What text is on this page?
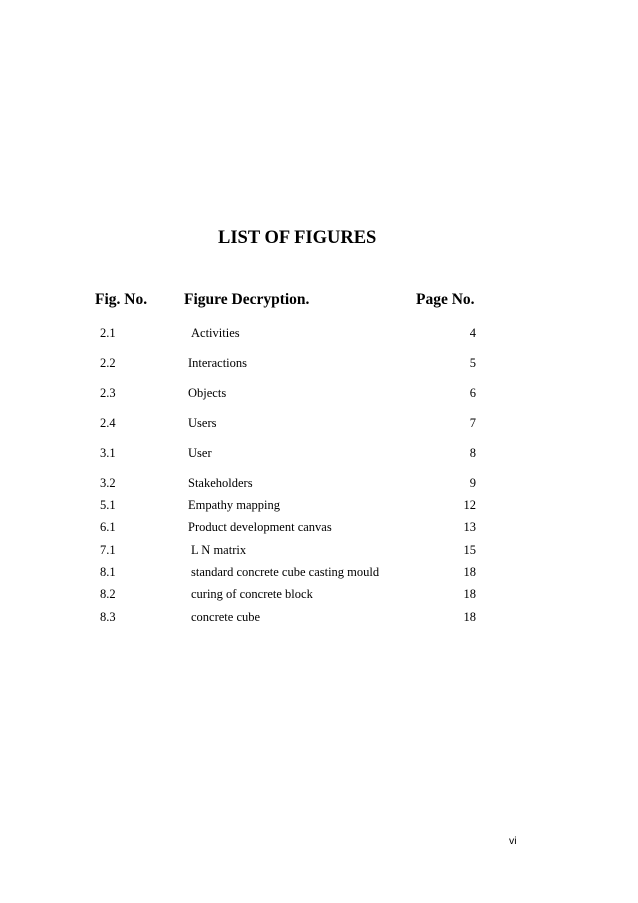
LIST OF FIGURES
Fig. No. Figure Decryption.	Page No.
2.1	Activities	4
2.2	Interactions	5
2.3	Objects	6
2.4	Users	7
3.1	User	8
3.2	Stakeholders	9
5.1	Empathy mapping	12
6.1	Product development canvas	13
7.1	L N matrix	15
8.1	standard concrete cube casting mould	18
8.2	curing of concrete block	18
8.3	concrete cube	18
vi
